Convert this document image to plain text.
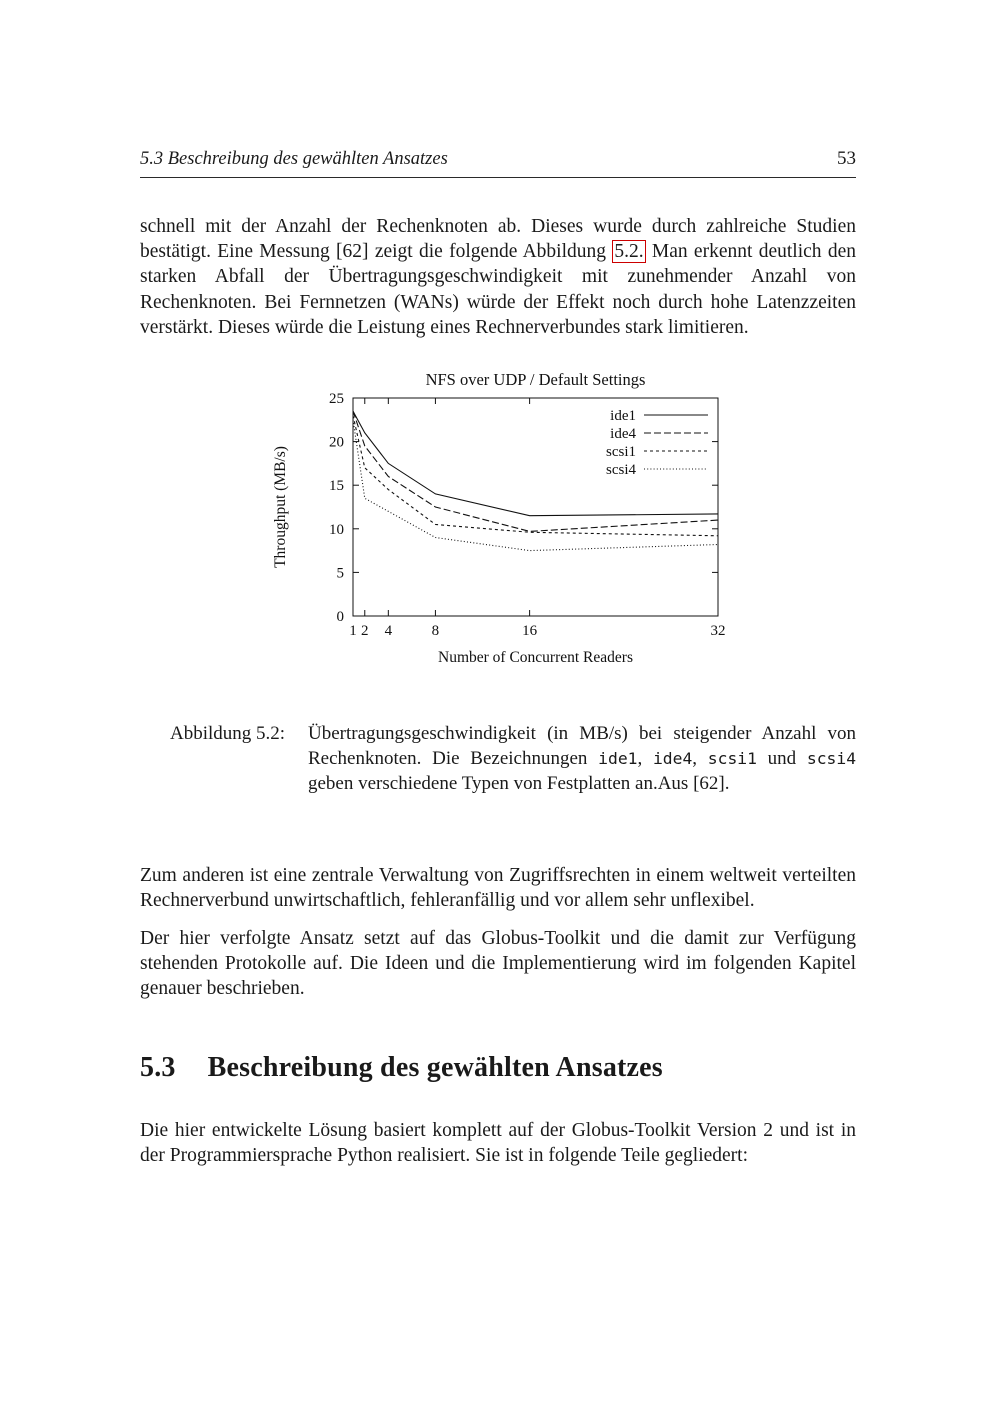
5.3 Beschreibung des gewählten Ansatzes	53

schnell mit der Anzahl der Rechenknoten ab. Dieses wurde durch zahlreiche Studien bestätigt. Eine Messung [62] zeigt die folgende Abbildung 5.2. Man erkennt deutlich den starken Abfall der Übertragungsgeschwindigkeit mit zunehmender Anzahl von Rechenknoten. Bei Fernnetzen (WANs) würde der Effekt noch durch hohe Latenzzeiten verstärkt. Dieses würde die Leistung eines Rechnerverbundes stark limitieren.

1 2 4	8	16	32
0
5
10
15
20
25
NFS over UDP / Default Settings
Number of Concurrent Readers
Throughput (MB/s)
ide1
ide4
scsi1
scsi4
Abbildung 5.2:	Übertragungsgeschwindigkeit (in MB/s) bei steigender Anzahl von Rechenknoten. Die Bezeichnungen ide1, ide4, scsi1 und scsi4 geben verschiedene Typen von Festplatten an.Aus [62].

Zum anderen ist eine zentrale Verwaltung von Zugriffsrechten in einem weltweit verteilten Rechnerverbund unwirtschaftlich, fehleranfällig und vor allem sehr unflexibel.

Der hier verfolgte Ansatz setzt auf das Globus-Toolkit und die damit zur Verfügung stehenden Protokolle auf. Die Ideen und die Implementierung wird im folgenden Kapitel genauer beschrieben.

5.3 Beschreibung des gewählten Ansatzes

Die hier entwickelte Lösung basiert komplett auf der Globus-Toolkit Version 2 und ist in der Programmiersprache Python realisiert. Sie ist in folgende Teile gegliedert:
